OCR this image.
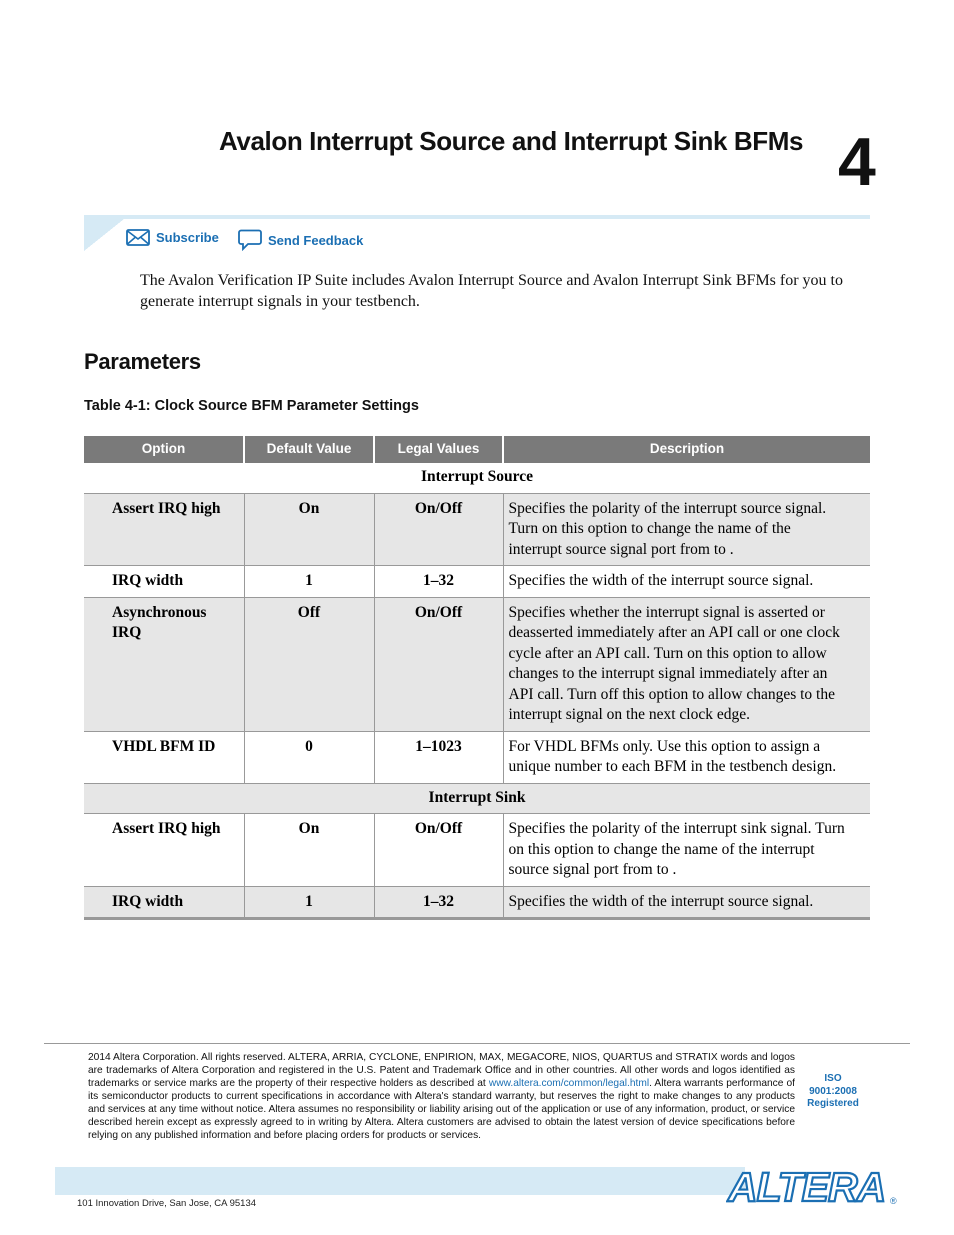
Avalon Interrupt Source and Interrupt Sink BFMs 4
Subscribe	Send Feedback

The Avalon Verification IP Suite includes Avalon Interrupt Source and Avalon Interrupt Sink BFMs for you to generate interrupt signals in your testbench.

Parameters
Table 4-1: Clock Source BFM Parameter Settings
Option	Default Value	Legal Values	Description
Interrupt Source			
Assert IRQ high	On	On/Off	Specifies the polarity of the interrupt source signal. Turn on this option to change the name of the interrupt source signal port from to .
IRQ width	1	1–32	Specifies the width of the interrupt source signal.
Asynchronous IRQ	Off	On/Off	Specifies whether the interrupt signal is asserted or deasserted immediately after an API call or one clock cycle after an API call. Turn on this option to allow changes to the interrupt signal immediately after an API call. Turn off this option to allow changes to the interrupt signal on the next clock edge.
VHDL BFM ID	0	1–1023	For VHDL BFMs only. Use this option to assign a unique number to each BFM in the testbench design.
Interrupt Sink			
Assert IRQ high	On	On/Off	Specifies the polarity of the interrupt sink signal. Turn on this option to change the name of the interrupt source signal port from to .
IRQ width	1	1–32	Specifies the width of the interrupt source signal.
2014 Altera Corporation. All rights reserved. ALTERA, ARRIA, CYCLONE, ENPIRION, MAX, MEGACORE, NIOS, QUARTUS and STRATIX words and logos are trademarks of Altera Corporation and registered in the U.S. Patent and Trademark Office and in other countries. All other words and logos identified as trademarks or service marks are the property of their respective holders as described at www.altera.com/common/legal.html. Altera warrants performance of its semiconductor products to current specifications in accordance with Altera's standard warranty, but reserves the right to make changes to any products and services at any time without notice. Altera assumes no responsibility or liability arising out of the application or use of any information, product, or service described herein except as expressly agreed to in writing by Altera. Altera customers are advised to obtain the latest version of device specifications before relying on any published information and before placing orders for products or services.
ISO
9001:2008
Registered
101 Innovation Drive, San Jose, CA 95134	ALTERA ®
